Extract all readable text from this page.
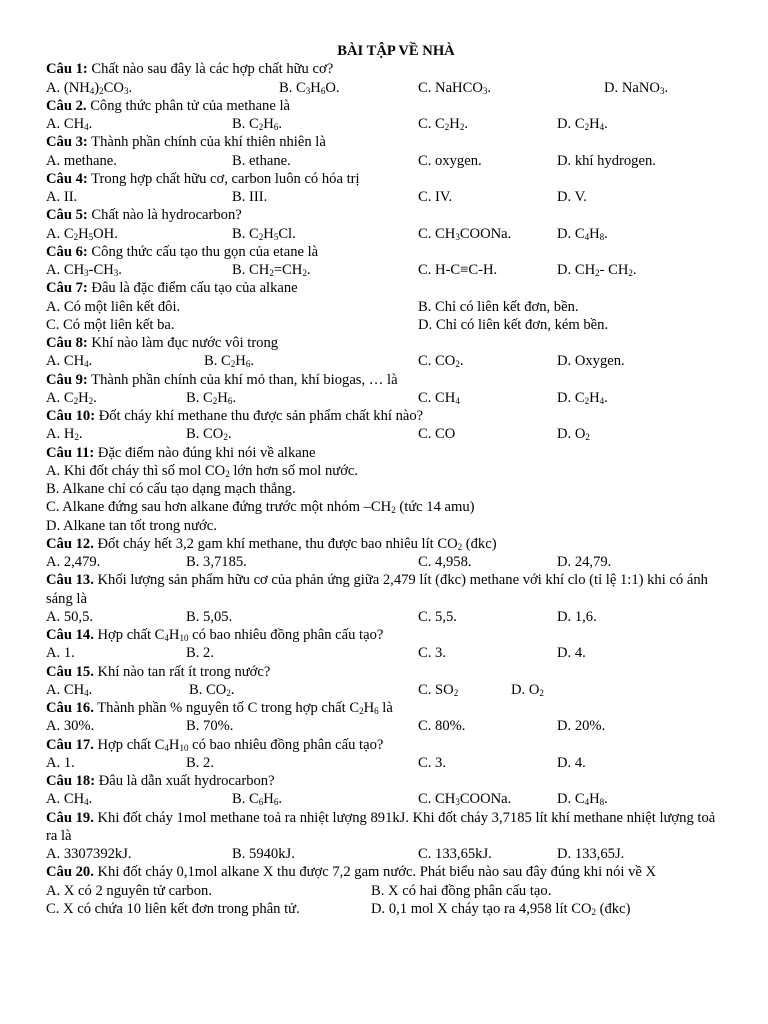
BÀI TẬP VỀ NHÀ
Câu 1: Chất nào sau đây là các hợp chất hữu cơ?
A. $(NH_4)_2CO_3$.	B. $C_3H_6O$.	C. NaHCO$_3$.	D. NaNO$_3$.
Câu 2. Công thức phân tử của methane là
A. $CH_4$.	B. $C_2H_6$.	C. $C_2H_2$.	D. $C_2H_4$.
Câu 3: Thành phần chính của khí thiên nhiên là
A. methane.	B. ethane.	C. oxygen.	D. khí hydrogen.
Câu 4: Trong hợp chất hữu cơ, carbon luôn có hóa trị
A. II.	B. III.	C. IV.	D. V.
Câu 5: Chất nào là hydrocarbon?
A. $C_2H_5OH$.	B. $C_2H_5Cl$.	C. $CH_3COONa$.	D. $C_4H_8$.
Câu 6: Công thức cấu tạo thu gọn của etane là
A. $CH_3-CH_3$.	B. $CH_2=CH_2$.	C. H-C≡C-H.	D. $CH_2-$ $CH_2$.
Câu 7: Đâu là đặc điểm cấu tạo của alkane
A. Có một liên kết đôi.	B. Chỉ có liên kết đơn, bền.
C. Có một liên kết ba.	D. Chỉ có liên kết đơn, kém bền.
Câu 8: Khí nào làm đục nước vôi trong
A. $CH_4$.	B. $C_2H_6$.	C. $CO_2$.	D. Oxygen.
Câu 9: Thành phần chính của khí mỏ than, khí biogas, … là
A. $C_2H_2$.	B. $C_2H_6$.	C. $CH_4$	D. $C_2H_4$.
Câu 10: Đốt cháy khí methane thu được sản phẩm chất khí nào?
A. $H_2$.	B. $CO_2$.	C. CO	D. $O_2$
Câu 11: Đặc điểm nào đúng khi nói về alkane
A. Khi đốt cháy thì số mol $CO_2$ lớn hơn số mol nước.
B. Alkane chỉ có cấu tạo dạng mạch thẳng.
C. Alkane đứng sau hơn alkane đứng trước một nhóm $-CH_2$ (tức 14 amu)
D. Alkane tan tốt trong nước.
Câu 12. Đốt cháy hết 3,2 gam khí methane, thu được bao nhiêu lít $CO_2$ (đkc)
A. 2,479.	B. 3,7185.	C. 4,958.	D. 24,79.
Câu 13. Khối lượng sản phẩm hữu cơ của phản ứng giữa 2,479 lít (đkc) methane với khí clo (tỉ lệ 1:1) khi có ánh sáng là
A. 50,5.	B. 5,05.	C. 5,5.	D. 1,6.
Câu 14. Hợp chất $C_4H_{10}$ có bao nhiêu đồng phân cấu tạo?
A. 1.	B. 2.	C. 3.	D. 4.
Câu 15. Khí nào tan rất ít trong nước?
A. $CH_4$.	B. $CO_2$.	C. $SO_2$	D. $O_2$
Câu 16. Thành phần % nguyên tố C trong hợp chất $C_2H_6$ là
A. 30%.	B. 70%.	C. 80%.	D. 20%.
Câu 17. Hợp chất $C_4H_{10}$ có bao nhiêu đồng phân cấu tạo?
A. 1.	B. 2.	C. 3.	D. 4.
Câu 18: Đâu là dẫn xuất hydrocarbon?
A. $CH_4$.	B. $C_6H_6$.	C. $CH_3COONa$.	D. $C_4H_8$.
Câu 19. Khi đốt cháy 1mol methane toả ra nhiệt lượng 891kJ. Khi đốt cháy 3,7185 lít khí methane nhiệt lượng toả ra là
A. 3307392kJ.	B. 5940kJ.	C. 133,65kJ.	D. 133,65J.
Câu 20. Khi đốt cháy 0,1mol alkane X thu được 7,2 gam nước. Phát biểu nào sau đây đúng khi nói về X
A. X có 2 nguyên tử carbon.	B. X có hai đồng phân cấu tạo.
C. X có chứa 10 liên kết đơn trong phân tử.	D. 0,1 mol X cháy tạo ra 4,958 lít $CO_2$ (đkc)
